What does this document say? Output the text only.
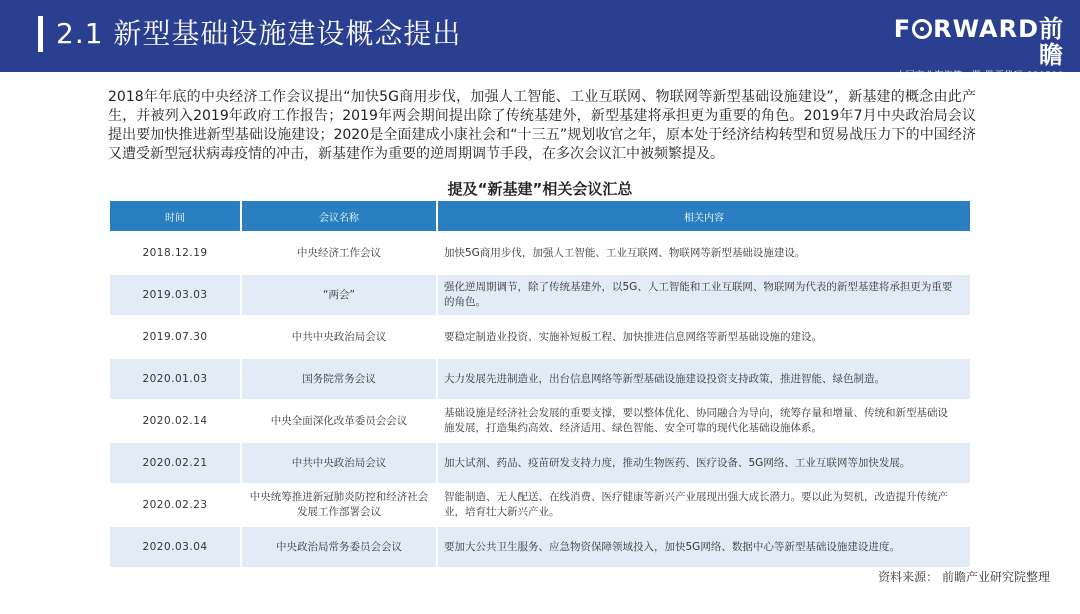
2.1 新型基础设施建设概念提出	F RWARD前瞻
中国产业咨询第一股 股票代码:839599

2018年年底的中央经济工作会议提出“加快5G商用步伐，加强人工智能、工业互联网、物联网等新型基础设施建设”，新基建的概念由此产生，并被列入2019年政府工作报告；2019年两会期间提出除了传统基建外，新型基建将承担更为重要的角色。2019年7月中央政治局会议提出要加快推进新型基础设施建设；2020是全面建成小康社会和“十三五”规划收官之年，原本处于经济结构转型和贸易战压力下的中国经济又遭受新型冠状病毒疫情的冲击，新基建作为重要的逆周期调节手段，在多次会议汇中被频繁提及。

提及“新基建”相关会议汇总
时间	会议名称	相关内容
2018.12.19	中央经济工作会议	加快5G商用步伐，加强人工智能、工业互联网、物联网等新型基础设施建设。
2019.03.03	“两会”	强化逆周期调节，除了传统基建外，以5G、人工智能和工业互联网、物联网为代表的新型基建将承担更为重要的角色。
2019.07.30	中共中央政治局会议	要稳定制造业投资、实施补短板工程、加快推进信息网络等新型基础设施的建设。
2020.01.03	国务院常务会议	大力发展先进制造业，出台信息网络等新型基础设施建设投资支持政策，推进智能、绿色制造。
2020.02.14	中央全面深化改革委员会会议	基础设施是经济社会发展的重要支撑，要以整体优化、协同融合为导向，统筹存量和增量、传统和新型基础设施发展，打造集约高效、经济适用、绿色智能、安全可靠的现代化基础设施体系。
2020.02.21	中共中央政治局会议	加大试剂、药品、疫苗研发支持力度，推动生物医药、医疗设备、5G网络、工业互联网等加快发展。
2020.02.23	中央统筹推进新冠肺炎防控和经济社会发展工作部署会议	智能制造、无人配送、在线消费、医疗健康等新兴产业展现出强大成长潜力。要以此为契机，改造提升传统产业，培育壮大新兴产业。
2020.03.04	中央政治局常务委员会会议	要加大公共卫生服务、应急物资保障领域投入，加快5G网络、数据中心等新型基础设施建设进度。
资料来源： 前瞻产业研究院整理
